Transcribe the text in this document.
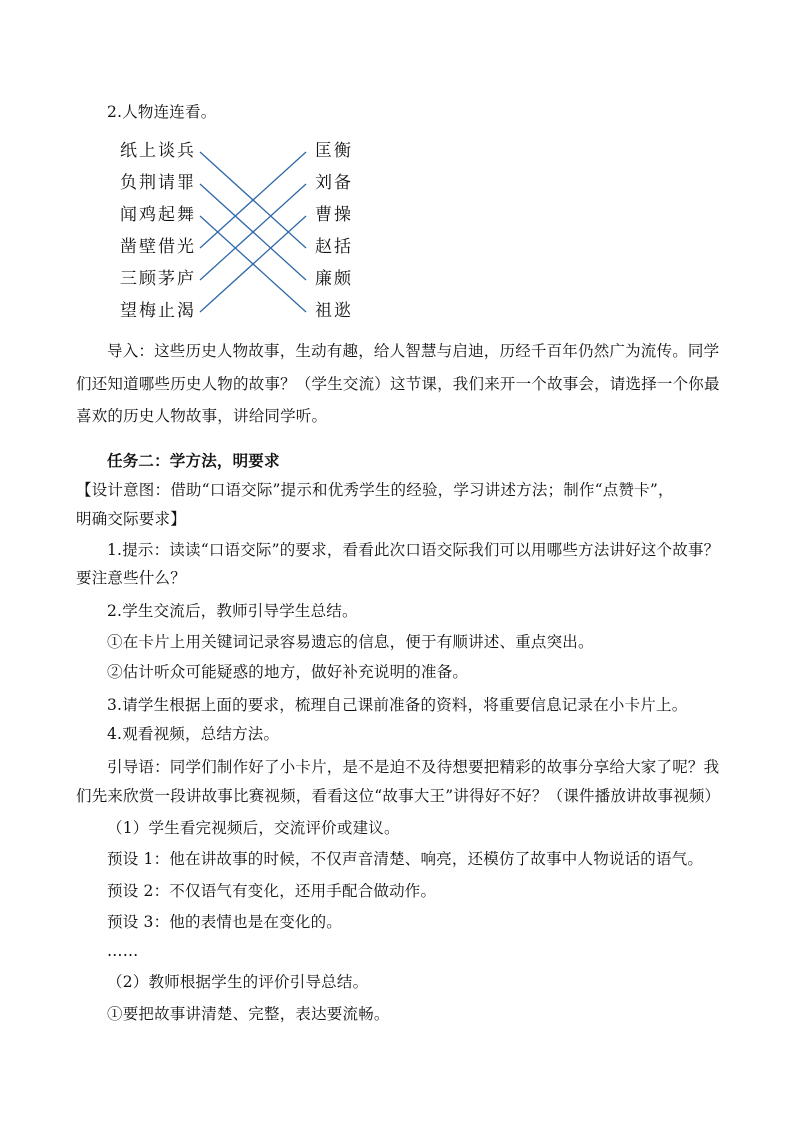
2.人物连连看。
纸上谈兵
负荆请罪
闻鸡起舞
凿壁借光
三顾茅庐
望梅止渴
匡衡
刘备
曹操
赵括
廉颇
祖逖
导入：这些历史人物故事，生动有趣，给人智慧与启迪，历经千百年仍然广为流传。同学
们还知道哪些历史人物的故事？（学生交流）这节课，我们来开一个故事会，请选择一个你最
喜欢的历史人物故事，讲给同学听。
任务二：学方法，明要求
【设计意图：借助“口语交际”提示和优秀学生的经验，学习讲述方法；制作“点赞卡”，
明确交际要求】
1.提示：读读“口语交际”的要求，看看此次口语交际我们可以用哪些方法讲好这个故事？
要注意些什么？
2.学生交流后，教师引导学生总结。
①在卡片上用关键词记录容易遗忘的信息，便于有顺讲述、重点突出。
②估计听众可能疑惑的地方，做好补充说明的准备。
3.请学生根据上面的要求，梳理自己课前准备的资料，将重要信息记录在小卡片上。
4.观看视频，总结方法。
引导语：同学们制作好了小卡片，是不是迫不及待想要把精彩的故事分享给大家了呢？我
们先来欣赏一段讲故事比赛视频，看看这位“故事大王”讲得好不好？（课件播放讲故事视频）
（1）学生看完视频后，交流评价或建议。
预设 1：他在讲故事的时候，不仅声音清楚、响亮，还模仿了故事中人物说话的语气。
预设 2：不仅语气有变化，还用手配合做动作。
预设 3：他的表情也是在变化的。
……
（2）教师根据学生的评价引导总结。
①要把故事讲清楚、完整，表达要流畅。
